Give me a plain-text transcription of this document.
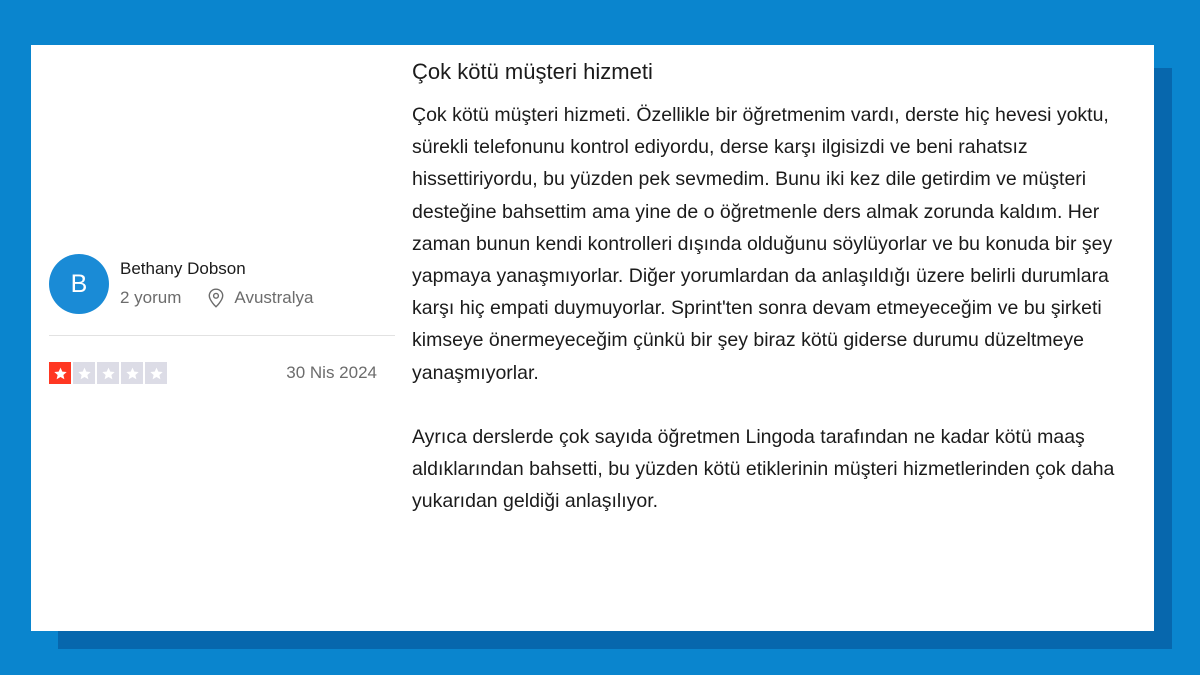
B
Bethany Dobson
2 yorum	Avustralya
30 Nis 2024
Çok kötü müşteri hizmeti

Çok kötü müşteri hizmeti. Özellikle bir öğretmenim vardı, derste hiç hevesi yoktu, sürekli telefonunu kontrol ediyordu, derse karşı ilgisizdi ve beni rahatsız hissettiriyordu, bu yüzden pek sevmedim. Bunu iki kez dile getirdim ve müşteri desteğine bahsettim ama yine de o öğretmenle ders almak zorunda kaldım. Her zaman bunun kendi kontrolleri dışında olduğunu söylüyorlar ve bu konuda bir şey yapmaya yanaşmıyorlar. Diğer yorumlardan da anlaşıldığı üzere belirli durumlara karşı hiç empati duymuyorlar. Sprint'ten sonra devam etmeyeceğim ve bu şirketi kimseye önermeyeceğim çünkü bir şey biraz kötü giderse durumu düzeltmeye yanaşmıyorlar.

Ayrıca derslerde çok sayıda öğretmen Lingoda tarafından ne kadar kötü maaş aldıklarından bahsetti, bu yüzden kötü etiklerinin müşteri hizmetlerinden çok daha yukarıdan geldiği anlaşılıyor.
